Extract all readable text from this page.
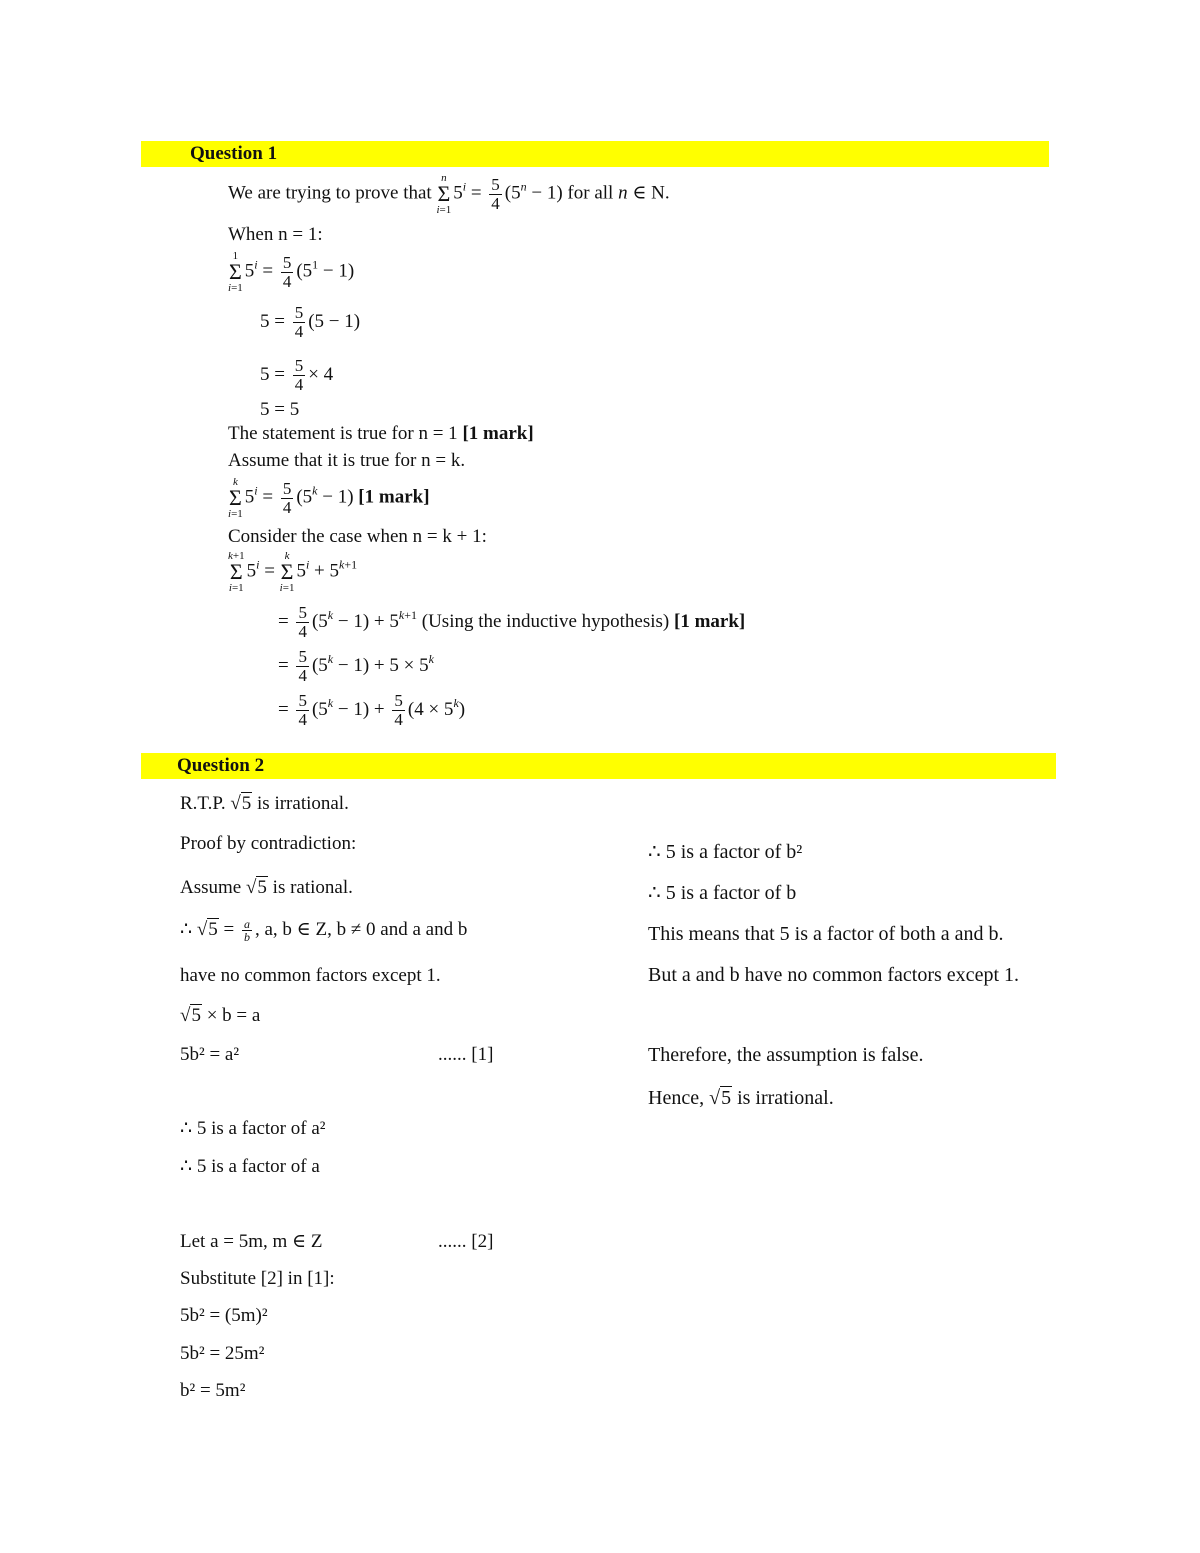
Question 1
We are trying to prove that
n
Σ
i=1
$5^i = \frac{5}{4} (5^n - 1)$ for all n ∈ N.
When n = 1:
1
Σ
i=1
$5^i = \frac{5}{4} (5^1 - 1)$
$5 = \frac{5}{4} (5 - 1)$
$5 = \frac{5}{4} \times 4$
5 = 5
The statement is true for n = 1 [1 mark]
Assume that it is true for n = k.
k
Σ
i=1
$5^i = \frac{5}{4} (5^k - 1)$ [1 mark]
Consider the case when n = k + 1:
k+1
Σ
i=1
$5^i$ =
k
Σ
i=1
$5^i + 5^{k+1}$
= $\frac{5}{4} (5^k - 1) + 5^{k+1}$ (Using the inductive hypothesis) [1 mark]
= $\frac{5}{4} (5^k - 1) + 5 \times 5^k$
= $\frac{5}{4} (5^k - 1) + \frac{5}{4} (4 \times 5^k)$
Question 2
R.T.P. √5 is irrational.
Proof by contradiction:
Assume √5 is rational.
∴ $√5 = \frac{a}{b}$ , a, b ∈ Z, b ≠ 0 and a and b
have no common factors except 1.
√5 × b = a
5b² = a²	...... [1]
∴ 5 is a factor of a²
∴ 5 is a factor of a
Let a = 5m, m ∈ Z	...... [2]
Substitute [2] in [1]:
5b² = (5m)²
5b² = 25m²
b² = 5m²
∴ 5 is a factor of b²
∴ 5 is a factor of b
This means that 5 is a factor of both a and b.
But a and b have no common factors except 1.
Therefore, the assumption is false.
Hence, √5 is irrational.
